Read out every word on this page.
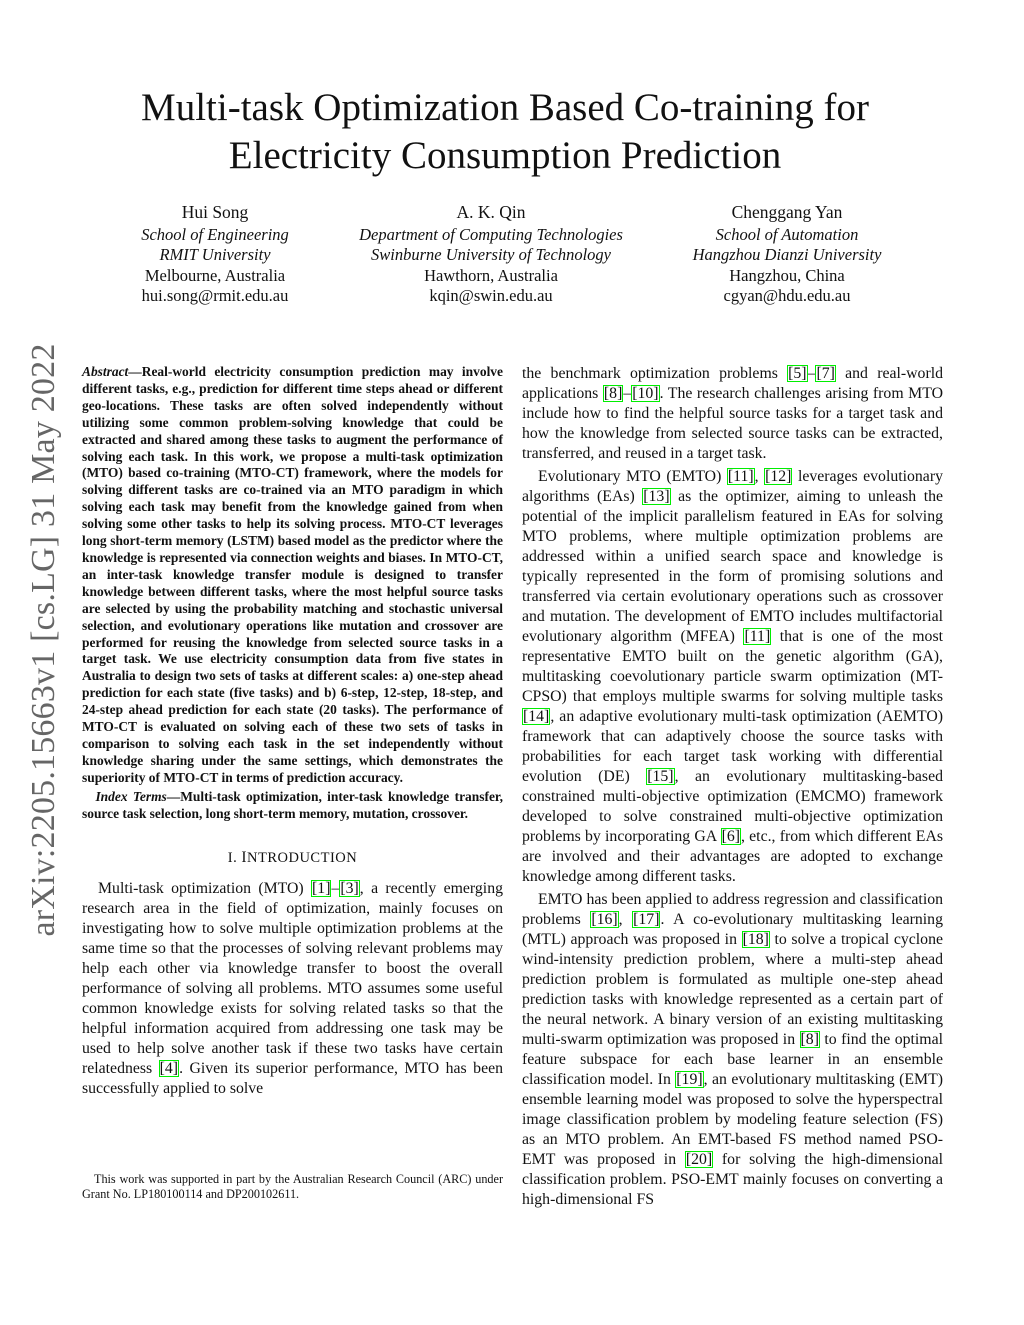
arXiv:2205.15663v1 [cs.LG] 31 May 2022
Multi-task Optimization Based Co-training for Electricity Consumption Prediction
Hui Song
School of Engineering
RMIT University
Melbourne, Australia
hui.song@rmit.edu.au
A. K. Qin
Department of Computing Technologies
Swinburne University of Technology
Hawthorn, Australia
kqin@swin.edu.au
Chenggang Yan
School of Automation
Hangzhou Dianzi University
Hangzhou, China
cgyan@hdu.edu.au

Abstract—Real-world electricity consumption prediction may involve different tasks, e.g., prediction for different time steps ahead or different geo-locations. These tasks are often solved independently without utilizing some common problem-solving knowledge that could be extracted and shared among these tasks to augment the performance of solving each task. In this work, we propose a multi-task optimization (MTO) based co-training (MTO-CT) framework, where the models for solving different tasks are co-trained via an MTO paradigm in which solving each task may benefit from the knowledge gained from when solving some other tasks to help its solving process. MTO-CT leverages long short-term memory (LSTM) based model as the predictor where the knowledge is represented via connection weights and biases. In MTO-CT, an inter-task knowledge transfer module is designed to transfer knowledge between different tasks, where the most helpful source tasks are selected by using the probability matching and stochastic universal selection, and evolutionary operations like mutation and crossover are performed for reusing the knowledge from selected source tasks in a target task. We use electricity consumption data from five states in Australia to design two sets of tasks at different scales: a) one-step ahead prediction for each state (five tasks) and b) 6-step, 12-step, 18-step, and 24-step ahead prediction for each state (20 tasks). The performance of MTO-CT is evaluated on solving each of these two sets of tasks in comparison to solving each task in the set independently without knowledge sharing under the same settings, which demonstrates the superiority of MTO-CT in terms of prediction accuracy.

 Index Terms—Multi-task optimization, inter-task knowledge transfer, source task selection, long short-term memory, mutation, crossover.

I. INTRODUCTION

Multi-task optimization (MTO) [1]–[3], a recently emerging research area in the field of optimization, mainly focuses on investigating how to solve multiple optimization problems at the same time so that the processes of solving relevant problems may help each other via knowledge transfer to boost the overall performance of solving all problems. MTO assumes some useful common knowledge exists for solving related tasks so that the helpful information acquired from addressing one task may be used to help solve another task if these two tasks have certain relatedness [4]. Given its superior performance, MTO has been successfully applied to solve

This work was supported in part by the Australian Research Council (ARC) under Grant No. LP180100114 and DP200102611.

the benchmark optimization problems [5]–[7] and real-world applications [8]–[10]. The research challenges arising from MTO include how to find the helpful source tasks for a target task and how the knowledge from selected source tasks can be extracted, transferred, and reused in a target task.

Evolutionary MTO (EMTO) [11], [12] leverages evolutionary algorithms (EAs) [13] as the optimizer, aiming to unleash the potential of the implicit parallelism featured in EAs for solving MTO problems, where multiple optimization problems are addressed within a unified search space and knowledge is typically represented in the form of promising solutions and transferred via certain evolutionary operations such as crossover and mutation. The development of EMTO includes multifactorial evolutionary algorithm (MFEA) [11] that is one of the most representative EMTO built on the genetic algorithm (GA), multitasking coevolutionary particle swarm optimization (MT-CPSO) that employs multiple swarms for solving multiple tasks [14], an adaptive evolutionary multi-task optimization (AEMTO) framework that can adaptively choose the source tasks with probabilities for each target task working with differential evolution (DE) [15], an evolutionary multitasking-based constrained multi-objective optimization (EMCMO) framework developed to solve constrained multi-objective optimization problems by incorporating GA [6], etc., from which different EAs are involved and their advantages are adopted to exchange knowledge among different tasks.

EMTO has been applied to address regression and classification problems [16], [17]. A co-evolutionary multitasking learning (MTL) approach was proposed in [18] to solve a tropical cyclone wind-intensity prediction problem, where a multi-step ahead prediction problem is formulated as multiple one-step ahead prediction tasks with knowledge represented as a certain part of the neural network. A binary version of an existing multitasking multi-swarm optimization was proposed in [8] to find the optimal feature subspace for each base learner in an ensemble classification model. In [19], an evolutionary multitasking (EMT) ensemble learning model was proposed to solve the hyperspectral image classification problem by modeling feature selection (FS) as an MTO problem. An EMT-based FS method named PSO-EMT was proposed in [20] for solving the high-dimensional classification problem. PSO-EMT mainly focuses on converting a high-dimensional FS
